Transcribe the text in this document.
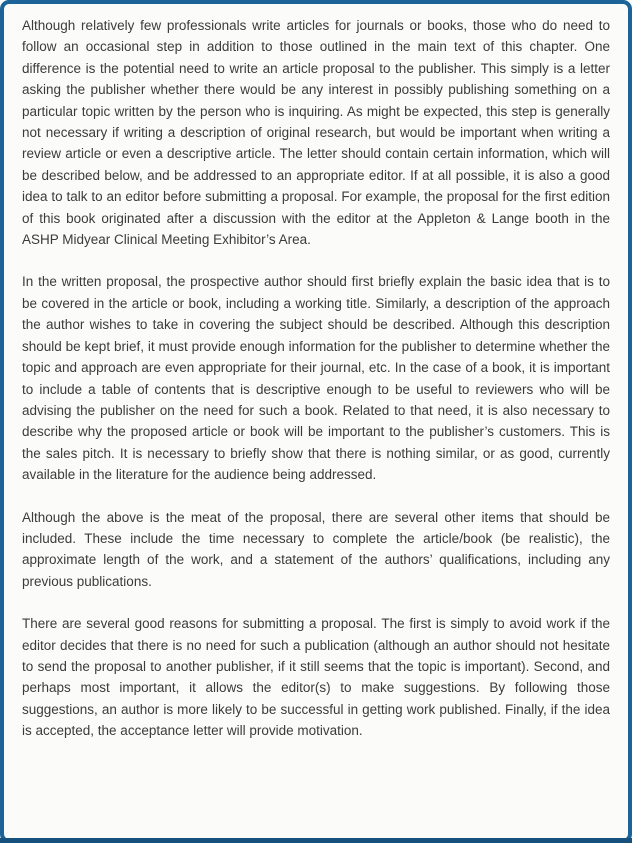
Although relatively few professionals write articles for journals or books, those who do need to follow an occasional step in addition to those outlined in the main text of this chapter. One difference is the potential need to write an article proposal to the publisher. This simply is a letter asking the publisher whether there would be any interest in possibly publishing something on a particular topic written by the person who is inquiring. As might be expected, this step is generally not necessary if writing a description of original research, but would be important when writing a review article or even a descriptive article. The letter should contain certain information, which will be described below, and be addressed to an appropriate editor. If at all possible, it is also a good idea to talk to an editor before submitting a proposal. For example, the proposal for the first edition of this book originated after a discussion with the editor at the Appleton & Lange booth in the ASHP Midyear Clinical Meeting Exhibitor’s Area.

In the written proposal, the prospective author should first briefly explain the basic idea that is to be covered in the article or book, including a working title. Similarly, a description of the approach the author wishes to take in covering the subject should be described. Although this description should be kept brief, it must provide enough information for the publisher to determine whether the topic and approach are even appropriate for their journal, etc. In the case of a book, it is important to include a table of contents that is descriptive enough to be useful to reviewers who will be advising the publisher on the need for such a book. Related to that need, it is also necessary to describe why the proposed article or book will be important to the publisher’s customers. This is the sales pitch. It is necessary to briefly show that there is nothing similar, or as good, currently available in the literature for the audience being addressed.

Although the above is the meat of the proposal, there are several other items that should be included. These include the time necessary to complete the article/book (be realistic), the approximate length of the work, and a statement of the authors’ qualifications, including any previous publications.

There are several good reasons for submitting a proposal. The first is simply to avoid work if the editor decides that there is no need for such a publication (although an author should not hesitate to send the proposal to another publisher, if it still seems that the topic is important). Second, and perhaps most important, it allows the editor(s) to make suggestions. By following those suggestions, an author is more likely to be successful in getting work published. Finally, if the idea is accepted, the acceptance letter will provide motivation.
